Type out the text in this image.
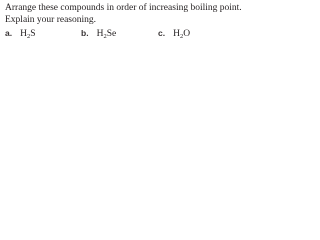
Arrange these compounds in order of increasing boiling point.
Explain your reasoning.
a. $H_2S$	b. $H_2Se$	c. $H_2O$
